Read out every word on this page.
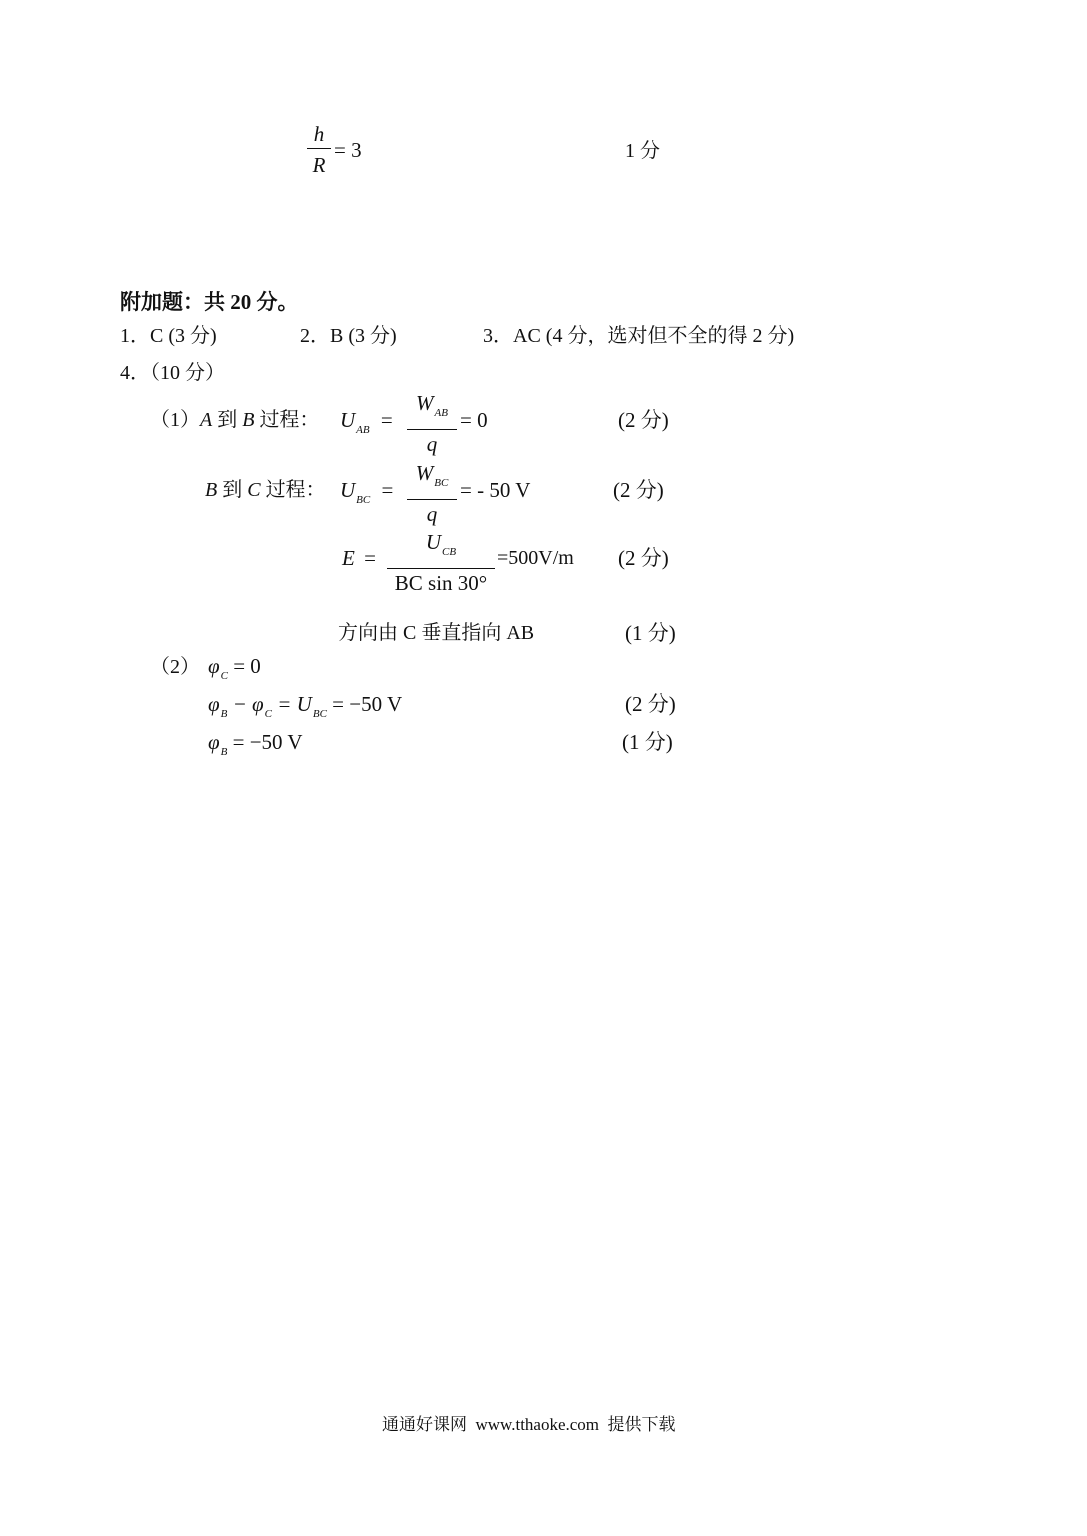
h
R
= 3	1 分
附加题：共 20 分。
1．C (3 分)	2．B (3 分)	3．AC (4 分，选对但不全的得 2 分)
4．（10 分）
（1）A 到 B 过程： $U_{AB}$ =
$W_{AB}$
q
= 0	(2 分)
B 到 C 过程： $U_{BC}$ =
$W_{BC}$
q
= - 50 V	(2 分)
E =
$U_{CB}$
BC sin 30°
=500V/m (2 分)
方向由 C 垂直指向 AB	(1 分)
（2） $\varphi_C = 0$
$\varphi_B - \varphi_C = U_{BC} = -50$ V	(2 分)
$\varphi_B = -50$ V	(1 分)
通通好课网  www.tthaoke.com  提供下载
